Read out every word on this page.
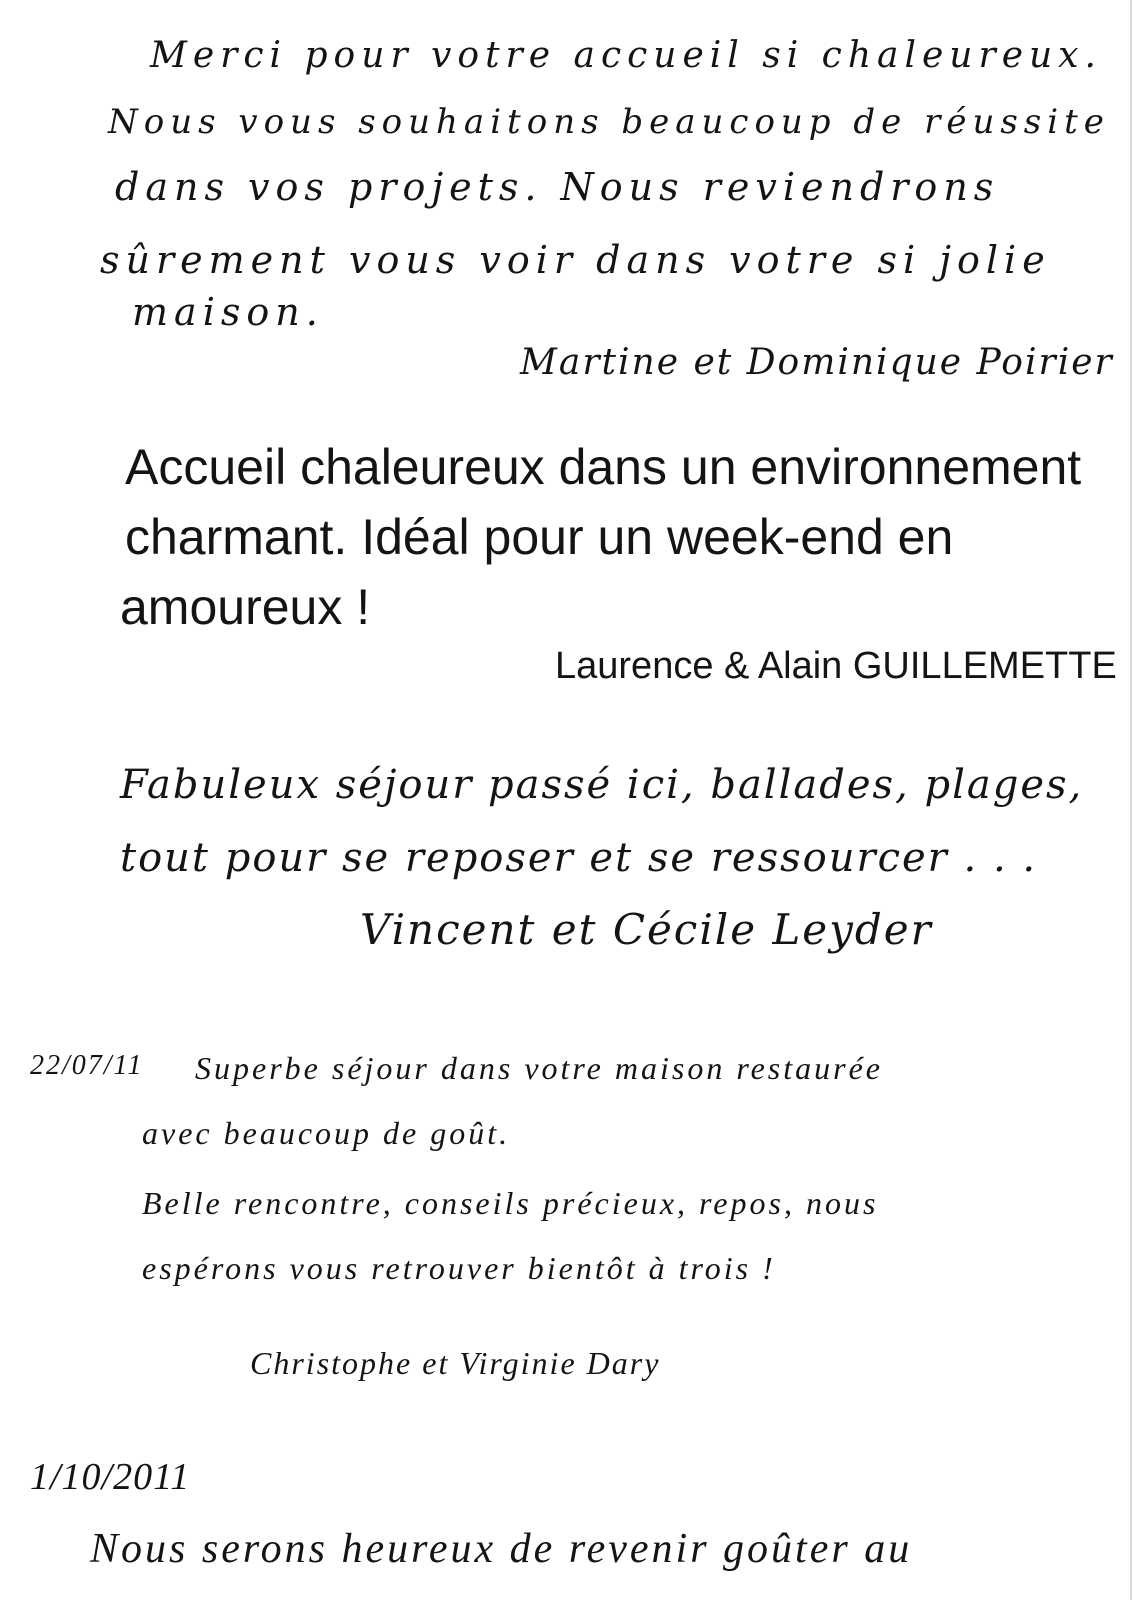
Merci pour votre accueil si chaleureux.
Nous vous souhaitons beaucoup de réussite
dans vos projets. Nous reviendrons
sûrement vous voir dans votre si jolie
maison.
Martine et Dominique Poirier
Accueil chaleureux dans un environnement
charmant. Idéal pour un week-end en
amoureux !
Laurence & Alain GUILLEMETTE
Fabuleux séjour passé ici, ballades, plages,
tout pour se reposer et se ressourcer . . .
Vincent et Cécile Leyder
22/07/11 Superbe séjour dans votre maison restaurée
avec beaucoup de goût.
Belle rencontre, conseils précieux, repos, nous
espérons vous retrouver bientôt à trois !
Christophe et Virginie Dary
1/10/2011
Nous serons heureux de revenir goûter au
